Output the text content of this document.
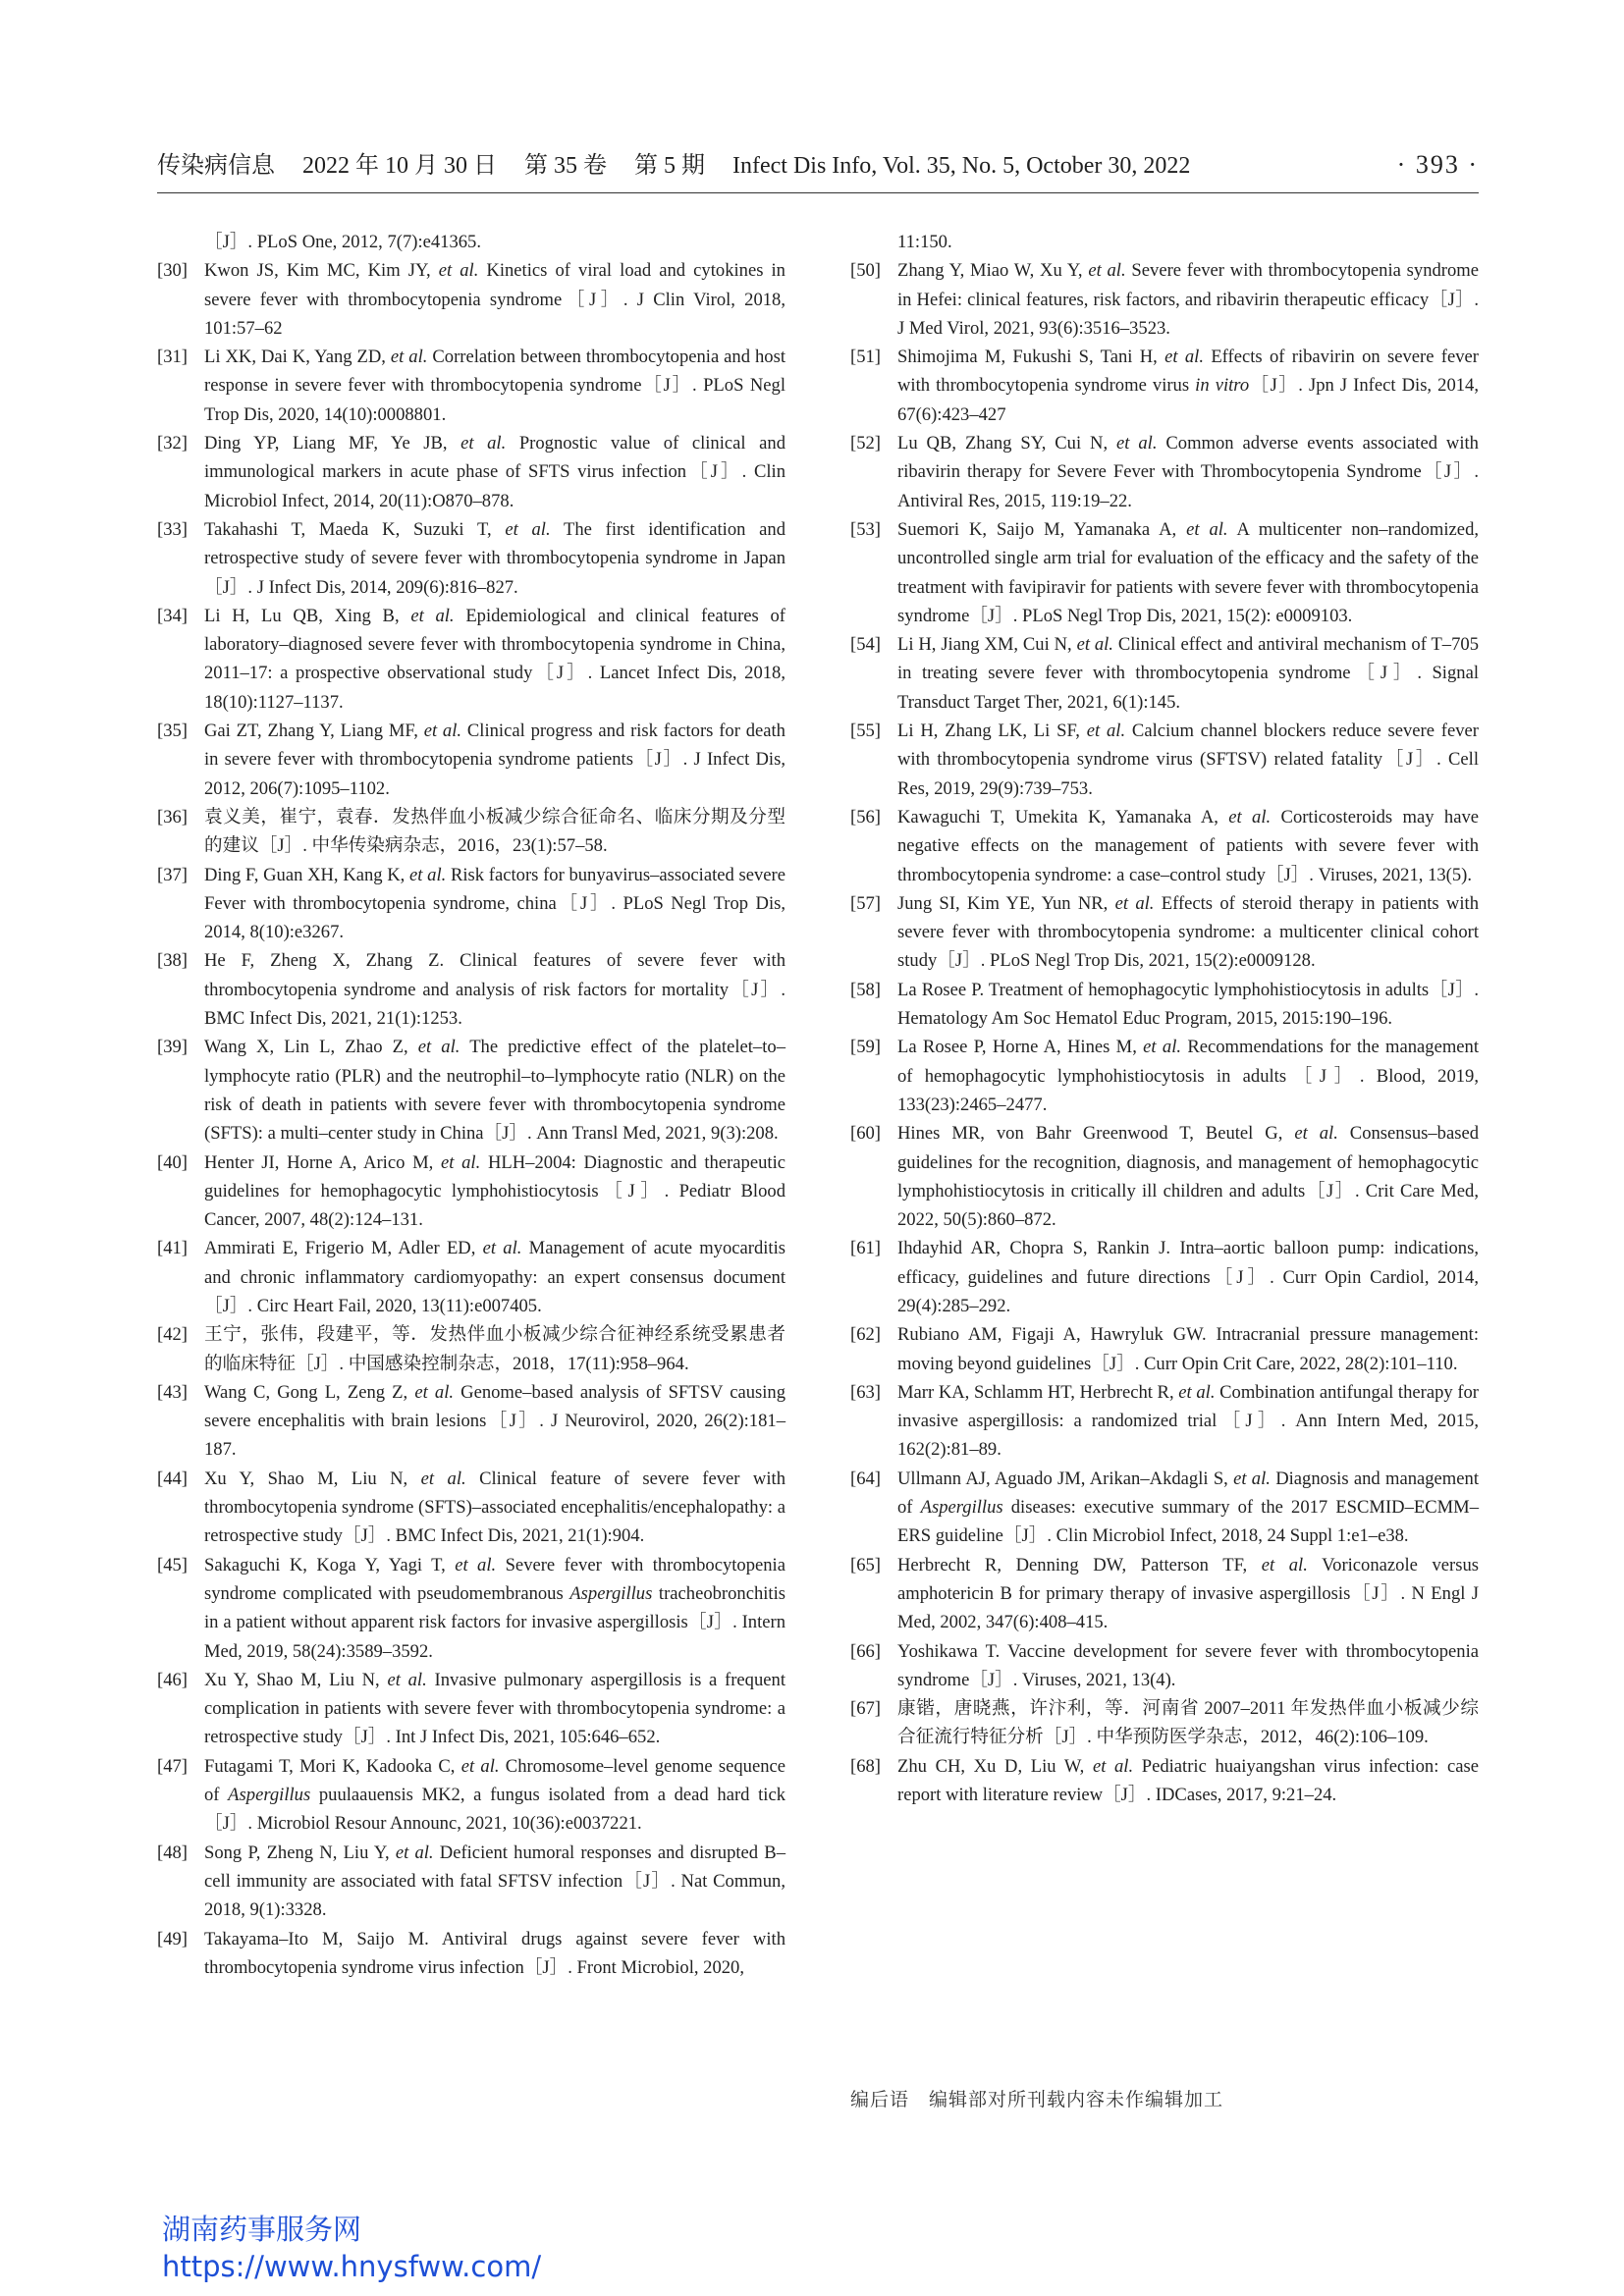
传染病信息 2022 年 10 月 30 日 第 35 卷 第 5 期 Infect Dis Info, Vol. 35, No. 5, October 30, 2022	· 393 ·
［J］. PLoS One, 2012, 7(7):e41365.
[30] Kwon JS, Kim MC, Kim JY, et al. Kinetics of viral load and cytokines in severe fever with thrombocytopenia syndrome［J］. J Clin Virol, 2018, 101:57–62
[31] Li XK, Dai K, Yang ZD, et al. Correlation between thrombocytopenia and host response in severe fever with thrombocytopenia syndrome［J］. PLoS Negl Trop Dis, 2020, 14(10):0008801.
[32] Ding YP, Liang MF, Ye JB, et al. Prognostic value of clinical and immunological markers in acute phase of SFTS virus infection［J］. Clin Microbiol Infect, 2014, 20(11):O870–878.
[33] Takahashi T, Maeda K, Suzuki T, et al. The first identification and retrospective study of severe fever with thrombocytopenia syndrome in Japan［J］. J Infect Dis, 2014, 209(6):816–827.
[34] Li H, Lu QB, Xing B, et al. Epidemiological and clinical features of laboratory–diagnosed severe fever with thrombocytopenia syndrome in China, 2011–17: a prospective observational study［J］. Lancet Infect Dis, 2018, 18(10):1127–1137.
[35] Gai ZT, Zhang Y, Liang MF, et al. Clinical progress and risk factors for death in severe fever with thrombocytopenia syndrome patients［J］. J Infect Dis, 2012, 206(7):1095–1102.
[36] 袁义美，崔宁，袁春．发热伴血小板减少综合征命名、临床分期及分型的建议［J］. 中华传染病杂志，2016，23(1):57–58.
[37] Ding F, Guan XH, Kang K, et al. Risk factors for bunyavirus–associated severe Fever with thrombocytopenia syndrome, china［J］. PLoS Negl Trop Dis, 2014, 8(10):e3267.
[38] He F, Zheng X, Zhang Z. Clinical features of severe fever with thrombocytopenia syndrome and analysis of risk factors for mortality［J］. BMC Infect Dis, 2021, 21(1):1253.
[39] Wang X, Lin L, Zhao Z, et al. The predictive effect of the platelet–to–lymphocyte ratio (PLR) and the neutrophil–to–lymphocyte ratio (NLR) on the risk of death in patients with severe fever with thrombocytopenia syndrome (SFTS): a multi–center study in China［J］. Ann Transl Med, 2021, 9(3):208.
[40] Henter JI, Horne A, Arico M, et al. HLH–2004: Diagnostic and therapeutic guidelines for hemophagocytic lymphohistiocytosis［J］. Pediatr Blood Cancer, 2007, 48(2):124–131.
[41] Ammirati E, Frigerio M, Adler ED, et al. Management of acute myocarditis and chronic inflammatory cardiomyopathy: an expert consensus document［J］. Circ Heart Fail, 2020, 13(11):e007405.
[42] 王宁，张伟，段建平，等．发热伴血小板减少综合征神经系统受累患者的临床特征［J］. 中国感染控制杂志，2018，17(11):958–964.
[43] Wang C, Gong L, Zeng Z, et al. Genome–based analysis of SFTSV causing severe encephalitis with brain lesions［J］. J Neurovirol, 2020, 26(2):181–187.
[44] Xu Y, Shao M, Liu N, et al. Clinical feature of severe fever with thrombocytopenia syndrome (SFTS)–associated encephalitis/encephalopathy: a retrospective study［J］. BMC Infect Dis, 2021, 21(1):904.
[45] Sakaguchi K, Koga Y, Yagi T, et al. Severe fever with thrombocytopenia syndrome complicated with pseudomembranous Aspergillus tracheobronchitis in a patient without apparent risk factors for invasive aspergillosis［J］. Intern Med, 2019, 58(24):3589–3592.
[46] Xu Y, Shao M, Liu N, et al. Invasive pulmonary aspergillosis is a frequent complication in patients with severe fever with thrombocytopenia syndrome: a retrospective study［J］. Int J Infect Dis, 2021, 105:646–652.
[47] Futagami T, Mori K, Kadooka C, et al. Chromosome–level genome sequence of Aspergillus puulaauensis MK2, a fungus isolated from a dead hard tick［J］. Microbiol Resour Announc, 2021, 10(36):e0037221.
[48] Song P, Zheng N, Liu Y, et al. Deficient humoral responses and disrupted B–cell immunity are associated with fatal SFTSV infection［J］. Nat Commun, 2018, 9(1):3328.
[49] Takayama–Ito M, Saijo M. Antiviral drugs against severe fever with thrombocytopenia syndrome virus infection［J］. Front Microbiol, 2020,
11:150.
[50] Zhang Y, Miao W, Xu Y, et al. Severe fever with thrombocytopenia syndrome in Hefei: clinical features, risk factors, and ribavirin therapeutic efficacy［J］. J Med Virol, 2021, 93(6):3516–3523.
[51] Shimojima M, Fukushi S, Tani H, et al. Effects of ribavirin on severe fever with thrombocytopenia syndrome virus in vitro［J］. Jpn J Infect Dis, 2014, 67(6):423–427
[52] Lu QB, Zhang SY, Cui N, et al. Common adverse events associated with ribavirin therapy for Severe Fever with Thrombocytopenia Syndrome［J］. Antiviral Res, 2015, 119:19–22.
[53] Suemori K, Saijo M, Yamanaka A, et al. A multicenter non–randomized, uncontrolled single arm trial for evaluation of the efficacy and the safety of the treatment with favipiravir for patients with severe fever with thrombocytopenia syndrome［J］. PLoS Negl Trop Dis, 2021, 15(2): e0009103.
[54] Li H, Jiang XM, Cui N, et al. Clinical effect and antiviral mechanism of T–705 in treating severe fever with thrombocytopenia syndrome［J］. Signal Transduct Target Ther, 2021, 6(1):145.
[55] Li H, Zhang LK, Li SF, et al. Calcium channel blockers reduce severe fever with thrombocytopenia syndrome virus (SFTSV) related fatality［J］. Cell Res, 2019, 29(9):739–753.
[56] Kawaguchi T, Umekita K, Yamanaka A, et al. Corticosteroids may have negative effects on the management of patients with severe fever with thrombocytopenia syndrome: a case–control study［J］. Viruses, 2021, 13(5).
[57] Jung SI, Kim YE, Yun NR, et al. Effects of steroid therapy in patients with severe fever with thrombocytopenia syndrome: a multicenter clinical cohort study［J］. PLoS Negl Trop Dis, 2021, 15(2):e0009128.
[58] La Rosee P. Treatment of hemophagocytic lymphohistiocytosis in adults［J］. Hematology Am Soc Hematol Educ Program, 2015, 2015:190–196.
[59] La Rosee P, Horne A, Hines M, et al. Recommendations for the management of hemophagocytic lymphohistiocytosis in adults［J］. Blood, 2019, 133(23):2465–2477.
[60] Hines MR, von Bahr Greenwood T, Beutel G, et al. Consensus–based guidelines for the recognition, diagnosis, and management of hemophagocytic lymphohistiocytosis in critically ill children and adults［J］. Crit Care Med, 2022, 50(5):860–872.
[61] Ihdayhid AR, Chopra S, Rankin J. Intra–aortic balloon pump: indications, efficacy, guidelines and future directions［J］. Curr Opin Cardiol, 2014, 29(4):285–292.
[62] Rubiano AM, Figaji A, Hawryluk GW. Intracranial pressure management: moving beyond guidelines［J］. Curr Opin Crit Care, 2022, 28(2):101–110.
[63] Marr KA, Schlamm HT, Herbrecht R, et al. Combination antifungal therapy for invasive aspergillosis: a randomized trial［J］. Ann Intern Med, 2015, 162(2):81–89.
[64] Ullmann AJ, Aguado JM, Arikan–Akdagli S, et al. Diagnosis and management of Aspergillus diseases: executive summary of the 2017 ESCMID–ECMM–ERS guideline［J］. Clin Microbiol Infect, 2018, 24 Suppl 1:e1–e38.
[65] Herbrecht R, Denning DW, Patterson TF, et al. Voriconazole versus amphotericin B for primary therapy of invasive aspergillosis［J］. N Engl J Med, 2002, 347(6):408–415.
[66] Yoshikawa T. Vaccine development for severe fever with thrombocytopenia syndrome［J］. Viruses, 2021, 13(4).
[67] 康锴，唐晓燕，许汴利，等．河南省 2007–2011 年发热伴血小板减少综合征流行特征分析［J］. 中华预防医学杂志，2012，46(2):106–109.
[68] Zhu CH, Xu D, Liu W, et al. Pediatric huaiyangshan virus infection: case report with literature review［J］. IDCases, 2017, 9:21–24.
编后语　编辑部对所刊载内容未作编辑加工
湖南药事服务网
https://www.hnysfww.com/
